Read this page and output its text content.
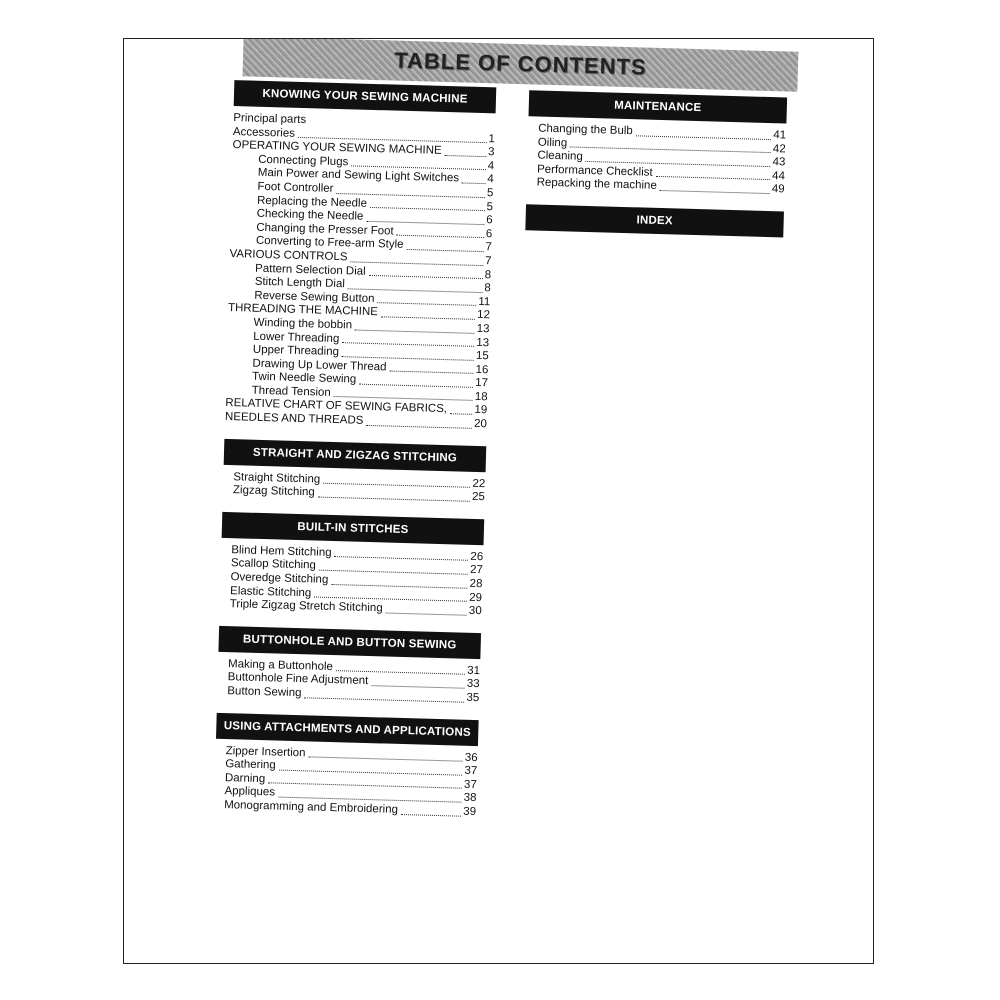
TABLE OF CONTENTS
KNOWING YOUR SEWING MACHINE
Principal parts
Accessories	1
OPERATING YOUR SEWING MACHINE	3
Connecting Plugs	4
Main Power and Sewing Light Switches 4
Foot Controller	5
Replacing the Needle	5
Checking the Needle	6
Changing the Presser Foot	6
Converting to Free-arm Style	7
VARIOUS CONTROLS	7
Pattern Selection Dial	8
Stitch Length Dial	8
Reverse Sewing Button	11
THREADING THE MACHINE	12
Winding the bobbin	13
Lower Threading	13
Upper Threading	15
Drawing Up Lower Thread	16
Twin Needle Sewing	17
Thread Tension	18
RELATIVE CHART OF SEWING FABRICS, 19
NEEDLES AND THREADS	20
STRAIGHT AND ZIGZAG STITCHING
Straight Stitching	22
Zigzag Stitching	25
BUILT-IN STITCHES
Blind Hem Stitching	26
Scallop Stitching	27
Overedge Stitching	28
Elastic Stitching	29
Triple Zigzag Stretch Stitching	30
BUTTONHOLE AND BUTTON SEWING
Making a Buttonhole	31
Buttonhole Fine Adjustment	33
Button Sewing	35
USING ATTACHMENTS AND APPLICATIONS
Zipper Insertion	36
Gathering	37
Darning	37
Appliques	38
Monogramming and Embroidering	39
MAINTENANCE
Changing the Bulb	41
Oiling	42
Cleaning	43
Performance Checklist	44
Repacking the machine	49
INDEX
